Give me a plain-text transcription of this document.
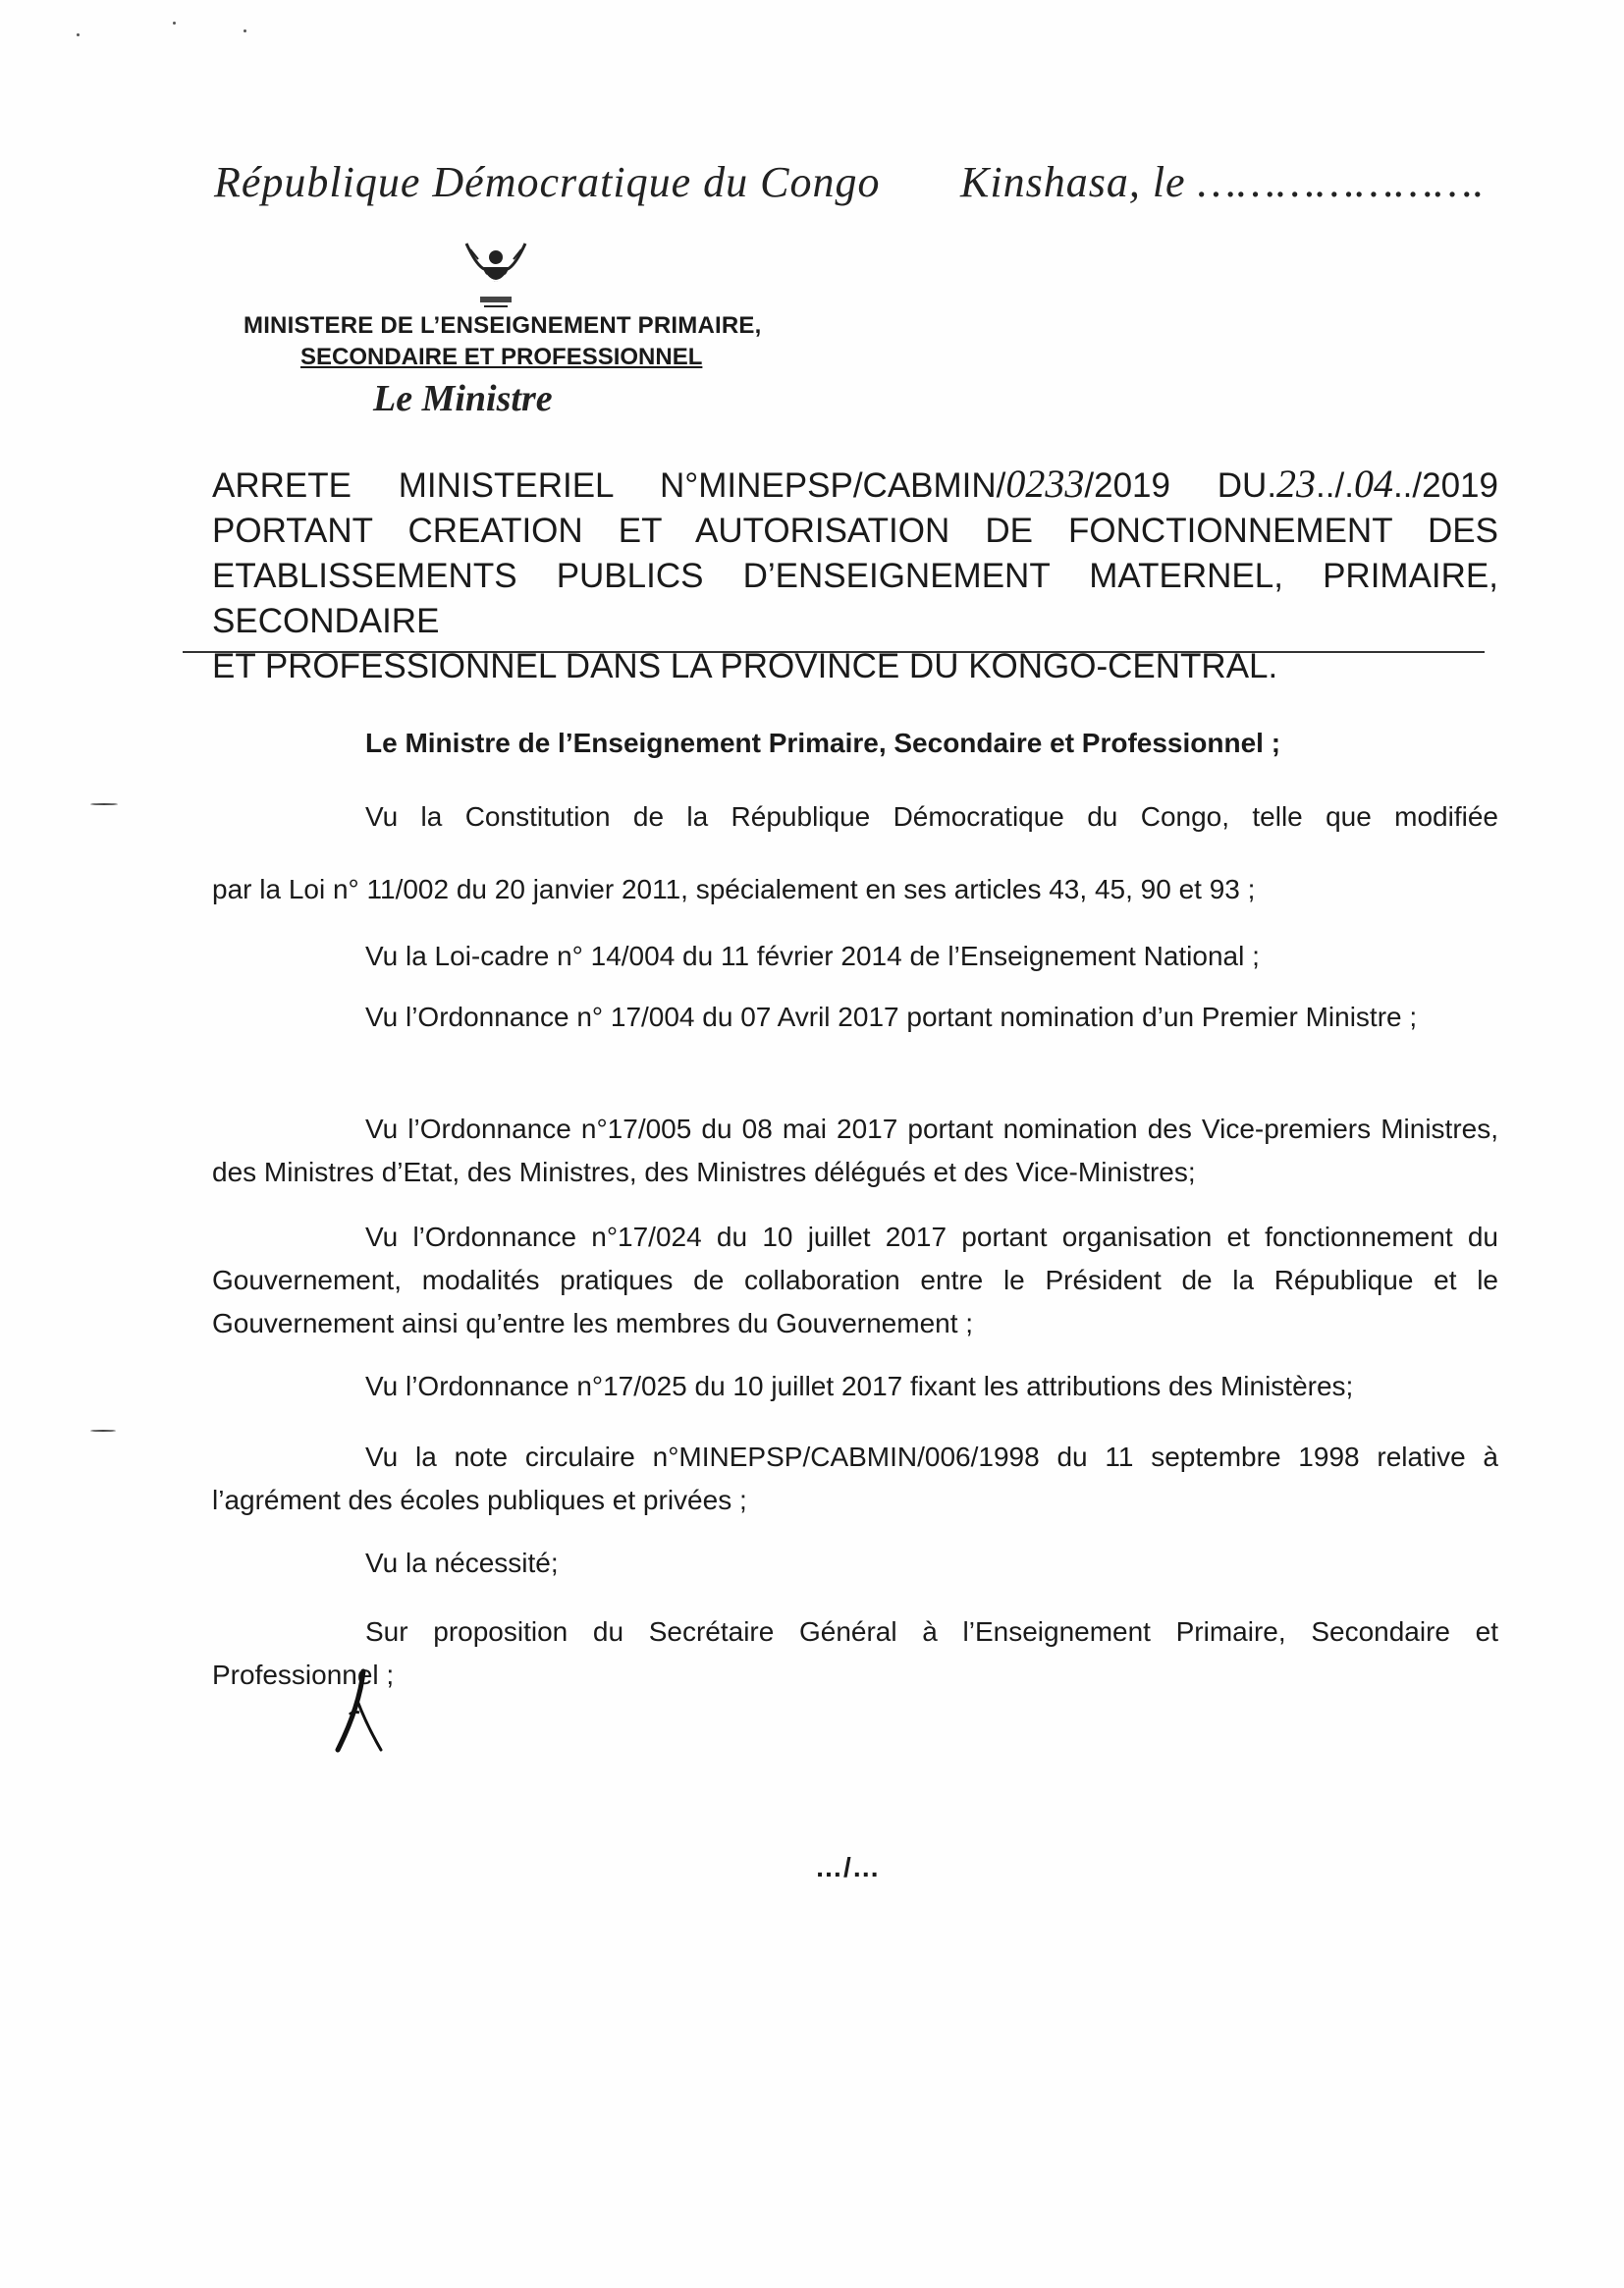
République Démocratique du Congo Kinshasa, le ………………….
MINISTERE DE L’ENSEIGNEMENT PRIMAIRE,
SECONDAIRE ET PROFESSIONNEL
Le Ministre
ARRETE MINISTERIEL N°MINEPSP/CABMIN/0233/2019 DU.23../.04../2019
PORTANT CREATION ET AUTORISATION DE FONCTIONNEMENT DES
ETABLISSEMENTS PUBLICS D’ENSEIGNEMENT MATERNEL, PRIMAIRE, SECONDAIRE
ET PROFESSIONNEL DANS LA PROVINCE DU KONGO-CENTRAL.
Le Ministre de l’Enseignement Primaire, Secondaire et Professionnel ;
Vu la Constitution de la République Démocratique du Congo, telle que modifiée
par la Loi n° 11/002 du 20 janvier 2011, spécialement en ses articles 43, 45, 90 et 93 ;
Vu la Loi-cadre n° 14/004 du 11 février 2014 de l’Enseignement National ;
Vu l’Ordonnance n° 17/004 du 07 Avril 2017 portant nomination d’un Premier Ministre ;
Vu l’Ordonnance n°17/005 du 08 mai 2017 portant nomination des Vice-premiers Ministres, des Ministres d’Etat, des Ministres, des Ministres délégués et des Vice-Ministres;
Vu l’Ordonnance n°17/024 du 10 juillet 2017 portant organisation et fonctionnement du Gouvernement, modalités pratiques de collaboration entre le Président de la République et le Gouvernement ainsi qu’entre les membres du Gouvernement ;
Vu l’Ordonnance n°17/025 du 10 juillet 2017 fixant les attributions des Ministères;
Vu la note circulaire n°MINEPSP/CABMIN/006/1998 du 11 septembre 1998 relative à l’agrément des écoles publiques et privées ;
Vu la nécessité;
Sur proposition du Secrétaire Général à l’Enseignement Primaire, Secondaire et Professionnel ;
…/…
